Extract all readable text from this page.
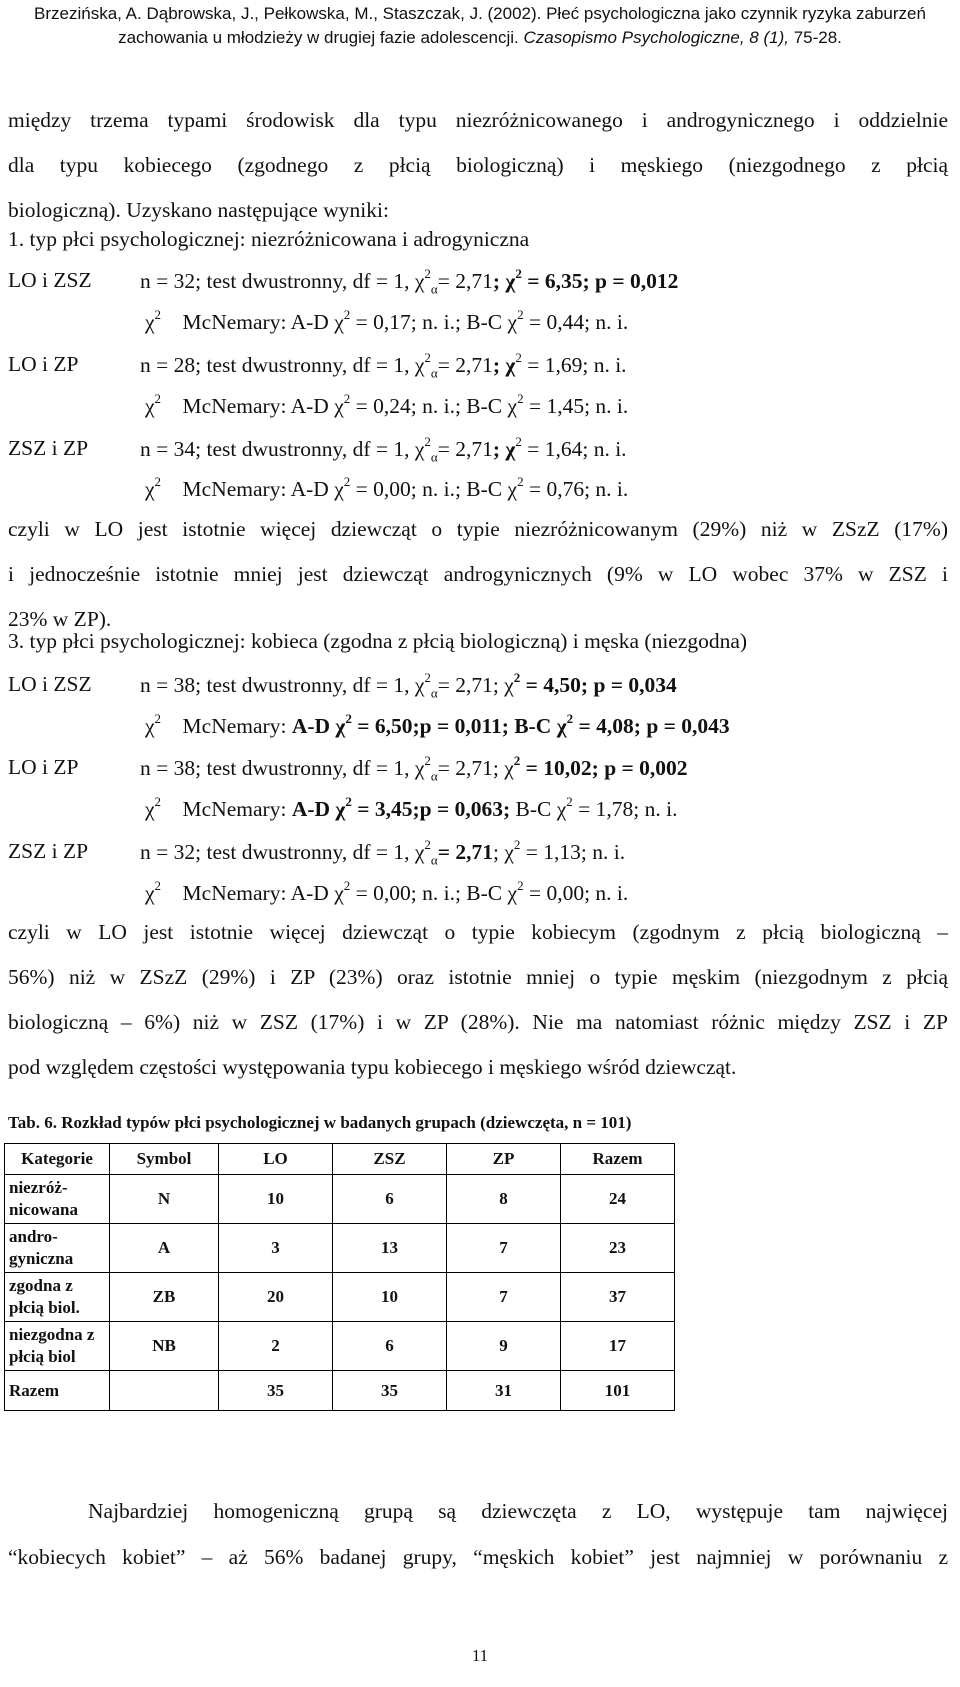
Brzezińska, A. Dąbrowska, J., Pełkowska, M., Staszczak, J. (2002). Płeć psychologiczna jako czynnik ryzyka zaburzeń
zachowania u młodzieży w drugiej fazie adolescencji. Czasopismo Psychologiczne, 8 (1), 75-28.
między trzema typami środowisk dla typu niezróżnicowanego i androgynicznego i oddzielnie
dla typu kobiecego (zgodnego z płcią biologiczną) i męskiego (niezgodnego z płcią
biologiczną). Uzyskano następujące wyniki:
1. typ płci psychologicznej: niezróżnicowana i adrogyniczna
LO i ZSZ n = 32; test dwustronny, df = 1, $\chi^2_\alpha= 2,71$; $\chi^2 = 6,35$; p = 0,012
$\chi^2$ McNemary: A-D $\chi^2 = 0,17$; n. i.; B-C $\chi^2 = 0,44$; n. i.
LO i ZP	n = 28; test dwustronny, df = 1, $\chi^2_\alpha= 2,71$; $\chi^2 = 1,69$; n. i.
$\chi^2$ McNemary: A-D $\chi^2 = 0,24$; n. i.; B-C $\chi^2 = 1,45$; n. i.
ZSZ i ZP n = 34; test dwustronny, df = 1, $\chi^2_\alpha= 2,71$; $\chi^2 = 1,64$; n. i.
$\chi^2$ McNemary: A-D $\chi^2 = 0,00$; n. i.; B-C $\chi^2 = 0,76$; n. i.
czyli w LO jest istotnie więcej dziewcząt o typie niezróżnicowanym (29%) niż w ZSzZ (17%)
i jednocześnie istotnie mniej jest dziewcząt androgynicznych (9% w LO wobec 37% w ZSZ i
23% w ZP).
3. typ płci psychologicznej: kobieca (zgodna z płcią biologiczną) i męska (niezgodna)
LO i ZSZ n = 38; test dwustronny, df = 1, $\chi^2_\alpha= 2,71$; $\chi^2 = 4,50$; p = 0,034
$\chi^2$    McNemary: A-D $\chi^2$ = 6,50;p = 0,011; B-C $\chi^2 = 4,08$; p = 0,043
LO i ZP	n = 38; test dwustronny, df = 1, $\chi^2_\alpha= 2,71$; $\chi^2 = 10,02$; p = 0,002
$\chi^2$    McNemary: A-D $\chi^2$ = 3,45;p = 0,063; B-C $\chi^2 = 1,78$; n. i.
ZSZ i ZP n = 32; test dwustronny, df = 1, $\chi^2_\alpha= 2,71$; $\chi^2 = 1,13$; n. i.
$\chi^2$ McNemary: A-D $\chi^2 = 0,00$; n. i.; B-C $\chi^2 = 0,00$; n. i.
czyli w LO jest istotnie więcej dziewcząt o typie kobiecym (zgodnym z płcią biologiczną –
56%) niż w ZSzZ (29%) i ZP (23%) oraz istotnie mniej o typie męskim (niezgodnym z płcią
biologiczną – 6%) niż w ZSZ (17%) i w ZP (28%). Nie ma natomiast różnic między ZSZ i ZP
pod względem częstości występowania typu kobiecego i męskiego wśród dziewcząt.
Tab. 6. Rozkład typów płci psychologicznej w badanych grupach (dziewczęta, n = 101)
Kategorie	Symbol	LO	ZSZ	ZP	Razem
niezróż-nicowana	N	10	6	8	24
andro-gyniczna	A	3	13	7	23
zgodna z płcią biol.	ZB	20	10	7	37
niezgodna z płcią biol	NB	2	6	9	17
Razem		35	35	31	101
Najbardziej homogeniczną grupą są dziewczęta z LO, występuje tam najwięcej
“kobiecych kobiet” – aż 56% badanej grupy, “męskich kobiet” jest najmniej w porównaniu z
11
